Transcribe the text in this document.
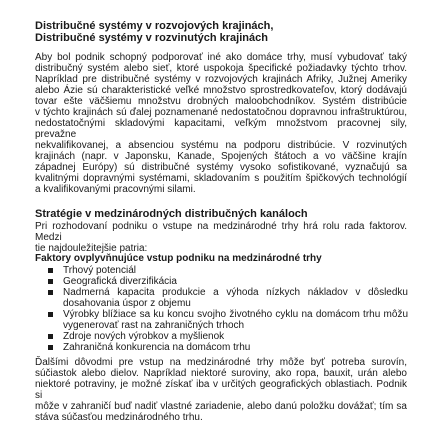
Distribučné systémy v rozvojových krajinách,
Distribučné systémy v rozvinutých krajinách
Aby bol podnik schopný podporovať iné ako domáce trhy, musí vybudovať taký
distribučný systém alebo sieť, ktoré uspokoja špecifické požiadavky týchto trhov.
Napríklad pre distribučné systémy v rozvojových krajinách Afriky, Južnej Ameriky
alebo Ázie sú charakteristické veľké množstvo sprostredkovateľov, ktorý dodávajú
tovar ešte väčšiemu množstvu drobných maloobchodníkov. Systém distribúcie
v týchto krajinách sú ďalej poznamenané nedostatočnou dopravnou infraštruktúrou,
nedostatočnými skladovými kapacitami, veľkým množstvom pracovnej sily, prevažne
nekvalifikovanej, a absenciou systému na podporu distribúcie. V rozvinutých
krajinách (napr. v Japonsku, Kanade, Spojených štátoch a vo väčšine krajín
západnej Európy) sú distribučné systémy vysoko sofistikované, vyznačujú sa
kvalitnými dopravnými systémami, skladovaním s použitím špičkových technológií
a kvalifikovanými pracovnými silami.
Stratégie v medzinárodných distribučných kanáloch
Pri rozhodovaní podniku o vstupe na medzinárodné trhy hrá rolu rada faktorov. Medzi
tie najdouležitejšie patria:
Faktory ovplyvňnujúce vstup podniku na medzinárodné trhy
Trhový potenciál
Geografická diverzifikácia
Nadmerná kapacita produkcie a výhoda nízkych nákladov v dôsledku
dosahovania úspor z objemu
Výrobky blížiace sa ku koncu svojho životného cyklu na domácom trhu môžu
vygenerovať rast na zahraničných trhoch
Zdroje nových výrobkov a myšlienok
Zahraničná konkurencia na domácom trhu
Ďalšími dôvodmi pre vstup na medzinárodné trhy môže byť potreba surovín,
súčiastok alebo dielov. Napríklad niektoré suroviny, ako ropa, bauxit, urán alebo
niektoré potraviny, je možné získať iba v určitých geografických oblastiach. Podnik si
môže v zahraničí buď nadiť vlastné zariadenie, alebo danú položku dovážať; tím sa
stáva súčasťou medzinárodného trhu.
